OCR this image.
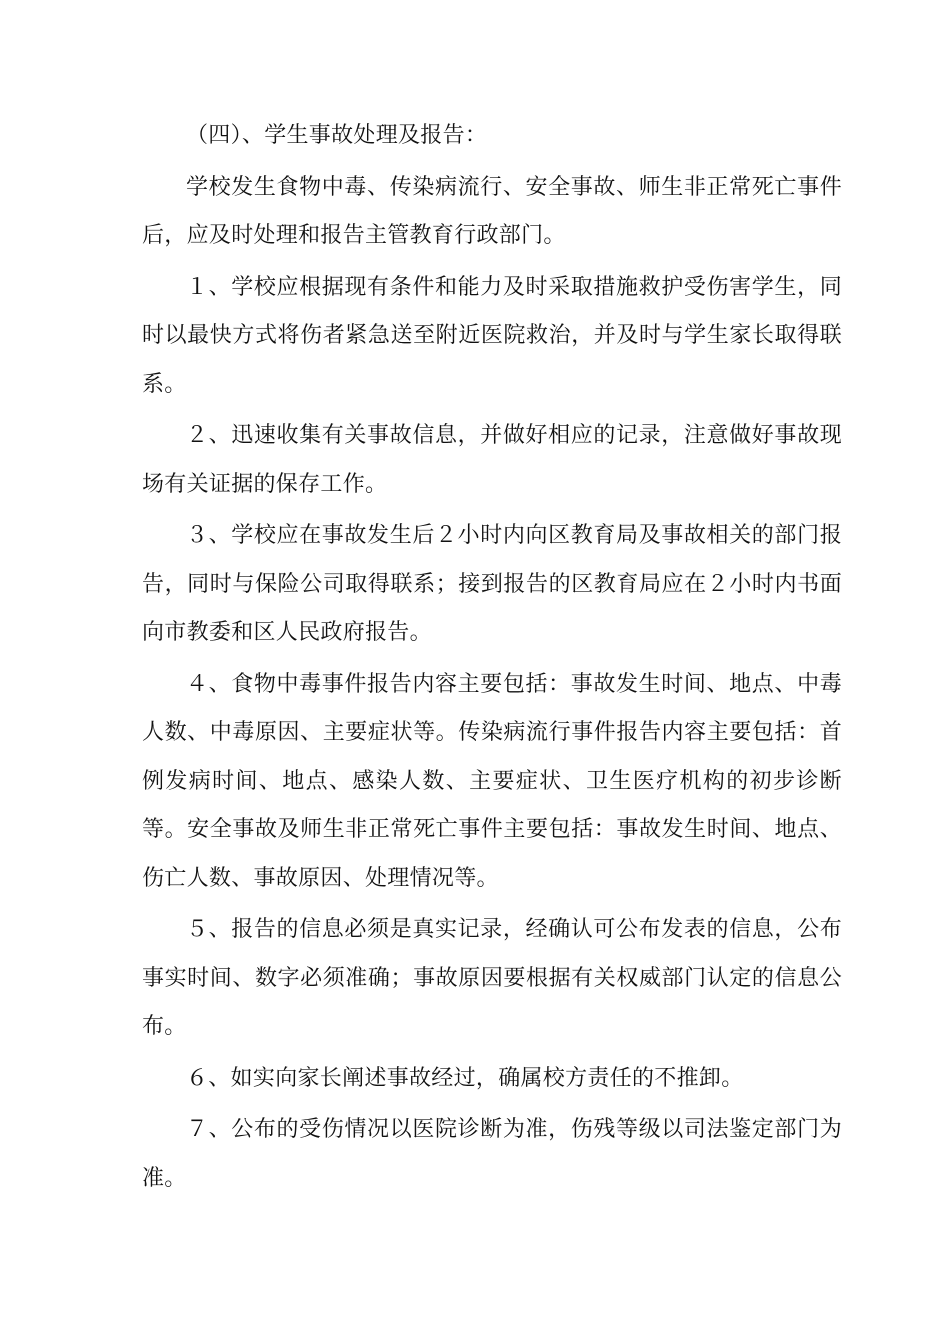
（四）、学生事故处理及报告：

学校发生食物中毒、传染病流行、安全事故、师生非正常死亡事件后，应及时处理和报告主管教育行政部门。

１、学校应根据现有条件和能力及时采取措施救护受伤害学生，同时以最快方式将伤者紧急送至附近医院救治，并及时与学生家长取得联系。

２、迅速收集有关事故信息，并做好相应的记录，注意做好事故现场有关证据的保存工作。

３、学校应在事故发生后２小时内向区教育局及事故相关的部门报告，同时与保险公司取得联系；接到报告的区教育局应在２小时内书面向市教委和区人民政府报告。

４、食物中毒事件报告内容主要包括：事故发生时间、地点、中毒人数、中毒原因、主要症状等。传染病流行事件报告内容主要包括：首例发病时间、地点、感染人数、主要症状、卫生医疗机构的初步诊断等。安全事故及师生非正常死亡事件主要包括：事故发生时间、地点、伤亡人数、事故原因、处理情况等。

５、报告的信息必须是真实记录，经确认可公布发表的信息，公布事实时间、数字必须准确；事故原因要根据有关权威部门认定的信息公布。

６、如实向家长阐述事故经过，确属校方责任的不推卸。

７、公布的受伤情况以医院诊断为准，伤残等级以司法鉴定部门为准。
